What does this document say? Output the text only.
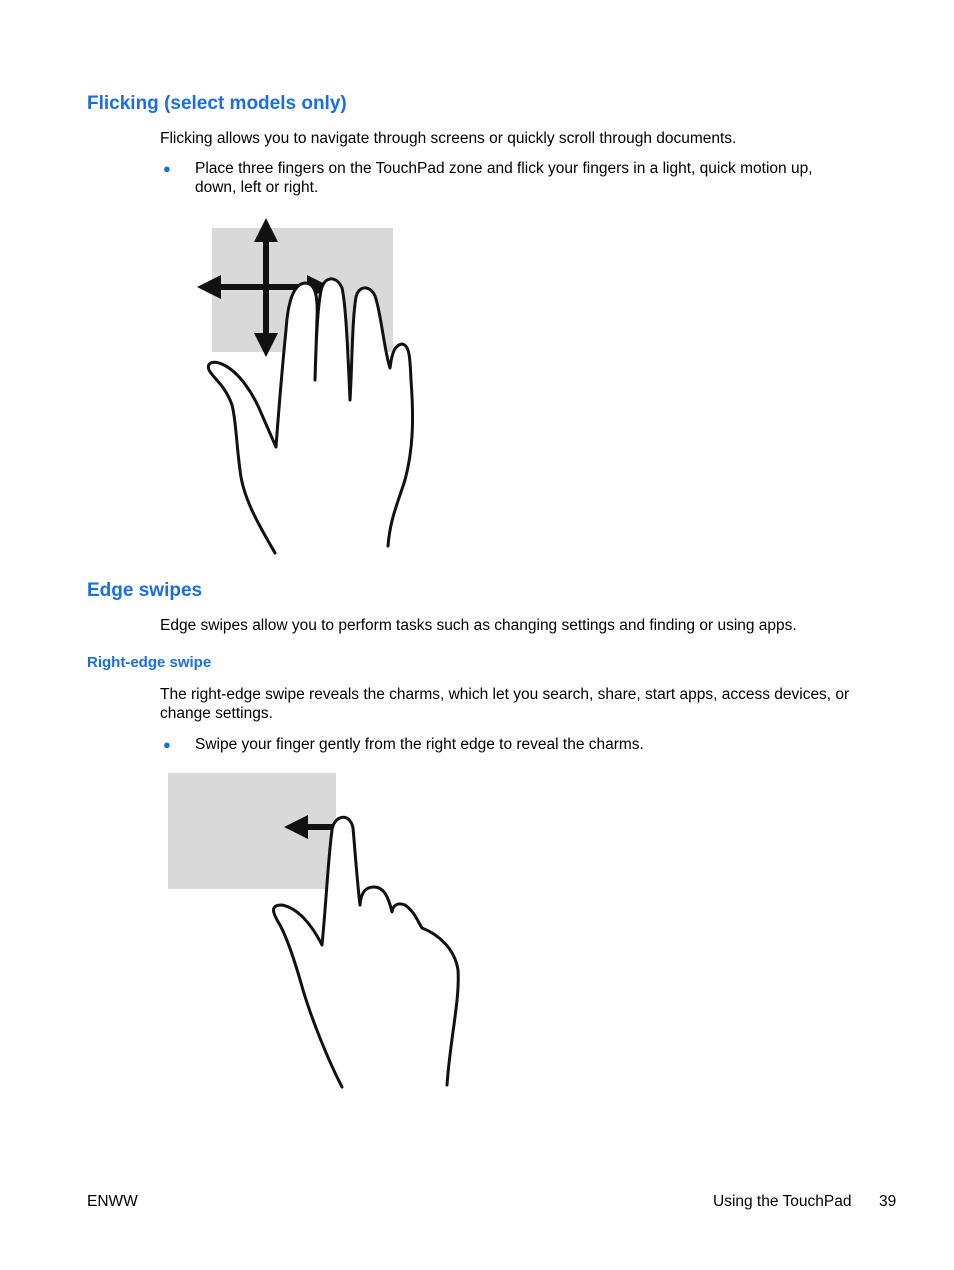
Flicking (select models only)
Flicking allows you to navigate through screens or quickly scroll through documents.
● Place three fingers on the TouchPad zone and flick your fingers in a light, quick motion up,
down, left or right.
Edge swipes
Edge swipes allow you to perform tasks such as changing settings and finding or using apps.
Right-edge swipe
The right-edge swipe reveals the charms, which let you search, share, start apps, access devices, or
change settings.
● Swipe your finger gently from the right edge to reveal the charms.
ENWW	Using the TouchPad 39
